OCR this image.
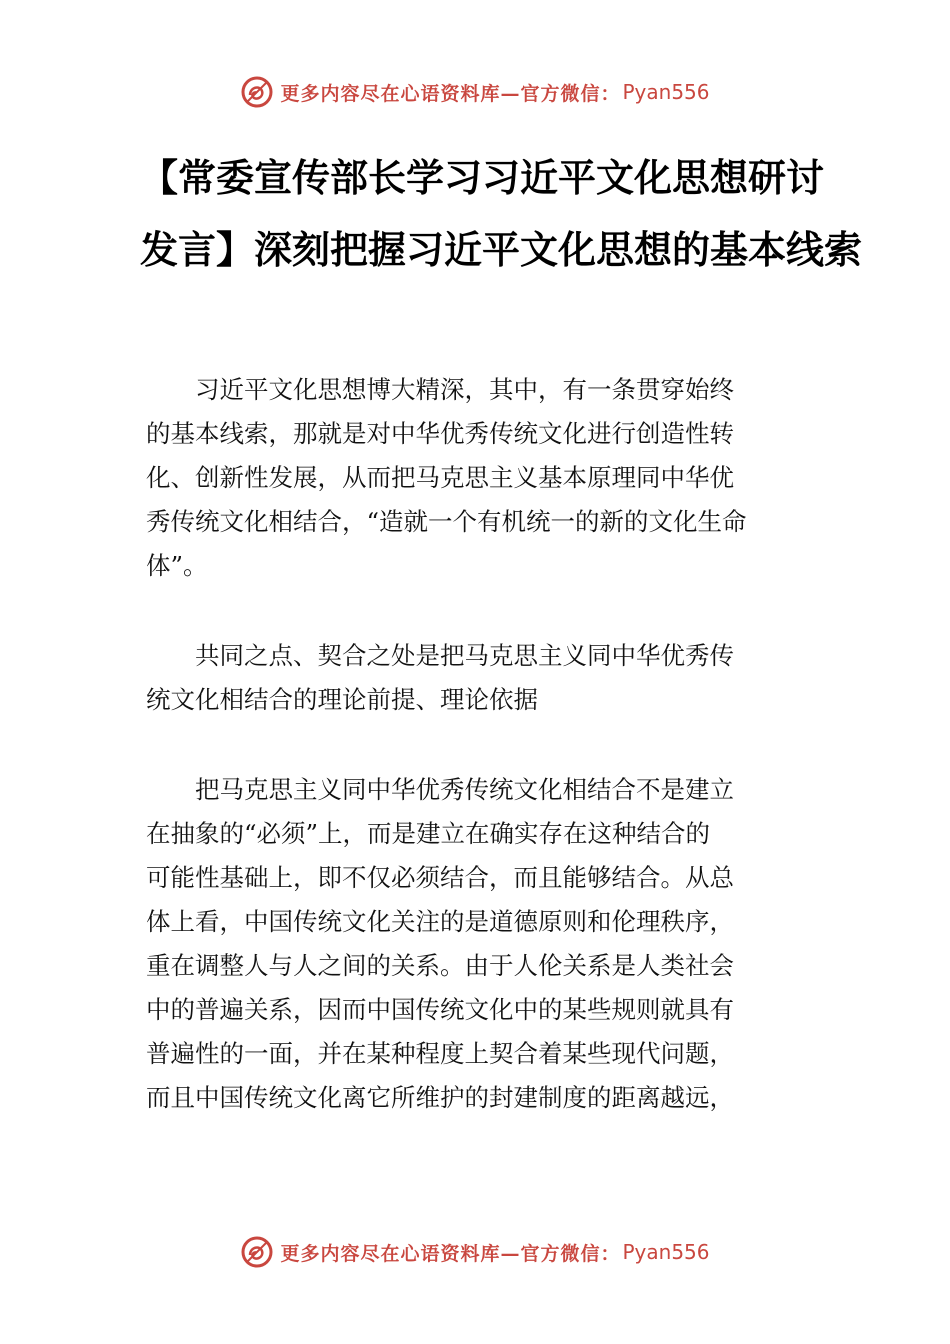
更多内容尽在心语资料库—官方微信： Pyan556
【常委宣传部长学习习近平文化思想研讨
发言】深刻把握习近平文化思想的基本线索
　　习近平文化思想博大精深，其中，有一条贯穿始终
的基本线索，那就是对中华优秀传统文化进行创造性转
化、创新性发展，从而把马克思主义基本原理同中华优
秀传统文化相结合，“造就一个有机统一的新的文化生命
体”。
　　共同之点、契合之处是把马克思主义同中华优秀传
统文化相结合的理论前提、理论依据
　　把马克思主义同中华优秀传统文化相结合不是建立
在抽象的“必须”上，而是建立在确实存在这种结合的
可能性基础上，即不仅必须结合，而且能够结合。从总
体上看，中国传统文化关注的是道德原则和伦理秩序，
重在调整人与人之间的关系。由于人伦关系是人类社会
中的普遍关系，因而中国传统文化中的某些规则就具有
普遍性的一面，并在某种程度上契合着某些现代问题，
而且中国传统文化离它所维护的封建制度的距离越远，
更多内容尽在心语资料库—官方微信： Pyan556
